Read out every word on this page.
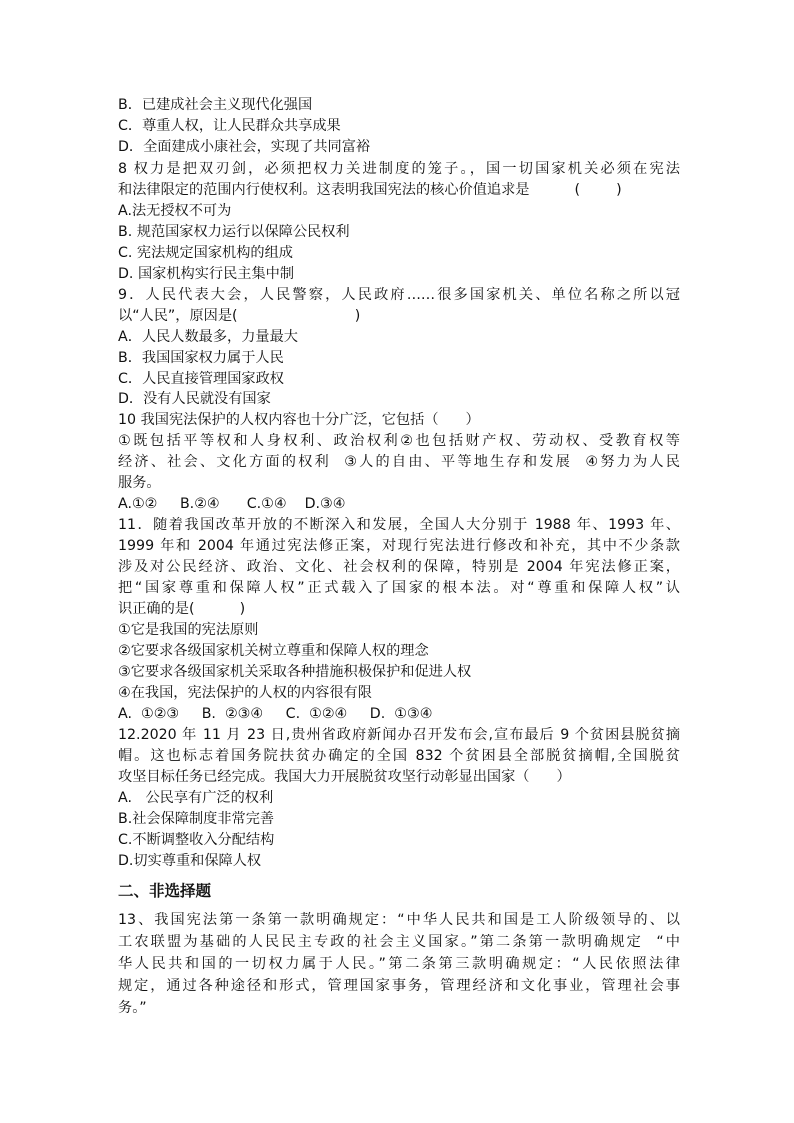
B．已建成社会主义现代化强国
C．尊重人权，让人民群众共享成果
D．全面建成小康社会，实现了共同富裕
8 权力是把双刃剑，必须把权力关进制度的笼子。，国一切国家机关必须在宪法
和法律限定的范围内行使权利。这表明我国宪法的核心价值追求是          (        )
A.法无授权不可为
B. 规范国家权力运行以保障公民权利
C. 宪法规定国家机构的组成
D. 国家机构实行民主集中制
9．人民代表大会，人民警察，人民政府……很多国家机关、单位名称之所以冠
以“人民”，原因是(                          )
A．人民人数最多，力量最大
B．我国国家权力属于人民
C．人民直接管理国家政权
D．没有人民就没有国家
10 我国宪法保护的人权内容也十分广泛，它包括（      ）
①既包括平等权和人身权利、政治权利②也包括财产权、劳动权、受教育权等
经济、社会、文化方面的权利  ③人的自由、平等地生存和发展  ④努力为人民
服务。
A.①②     B.②④      C.①④    D.③④
11．随着我国改革开放的不断深入和发展，全国人大分别于 1988 年、1993 年、
1999 年和 2004 年通过宪法修正案，对现行宪法进行修改和补充，其中不少条款
涉及对公民经济、政治、文化、社会权利的保障，特别是 2004 年宪法修正案，
把“国家尊重和保障人权”正式载入了国家的根本法。对“尊重和保障人权”认
识正确的是(          )
①它是我国的宪法原则
②它要求各级国家机关树立尊重和保障人权的理念
③它要求各级国家机关采取各种措施积极保护和促进人权
④在我国，宪法保护的人权的内容很有限
A.  ①②③     B.  ②③④     C.  ①②④     D.  ①③④
12.2020 年 11 月 23 日,贵州省政府新闻办召开发布会,宣布最后 9 个贫困县脱贫摘
帽。这也标志着国务院扶贫办确定的全国 832 个贫困县全部脱贫摘帽,全国脱贫
攻坚目标任务已经完成。我国大力开展脱贫攻坚行动彰显出国家（      ）
A.   公民享有广泛的权利
B.社会保障制度非常完善
C.不断调整收入分配结构
D.切实尊重和保障人权
二、非选择题
13、我国宪法第一条第一款明确规定：“中华人民共和国是工人阶级领导的、以
工农联盟为基础的人民民主专政的社会主义国家。”第二条第一款明确规定  “中
华人民共和国的一切权力属于人民。”第二条第三款明确规定：“人民依照法律
规定，通过各种途径和形式，管理国家事务，管理经济和文化事业，管理社会事
务。”
